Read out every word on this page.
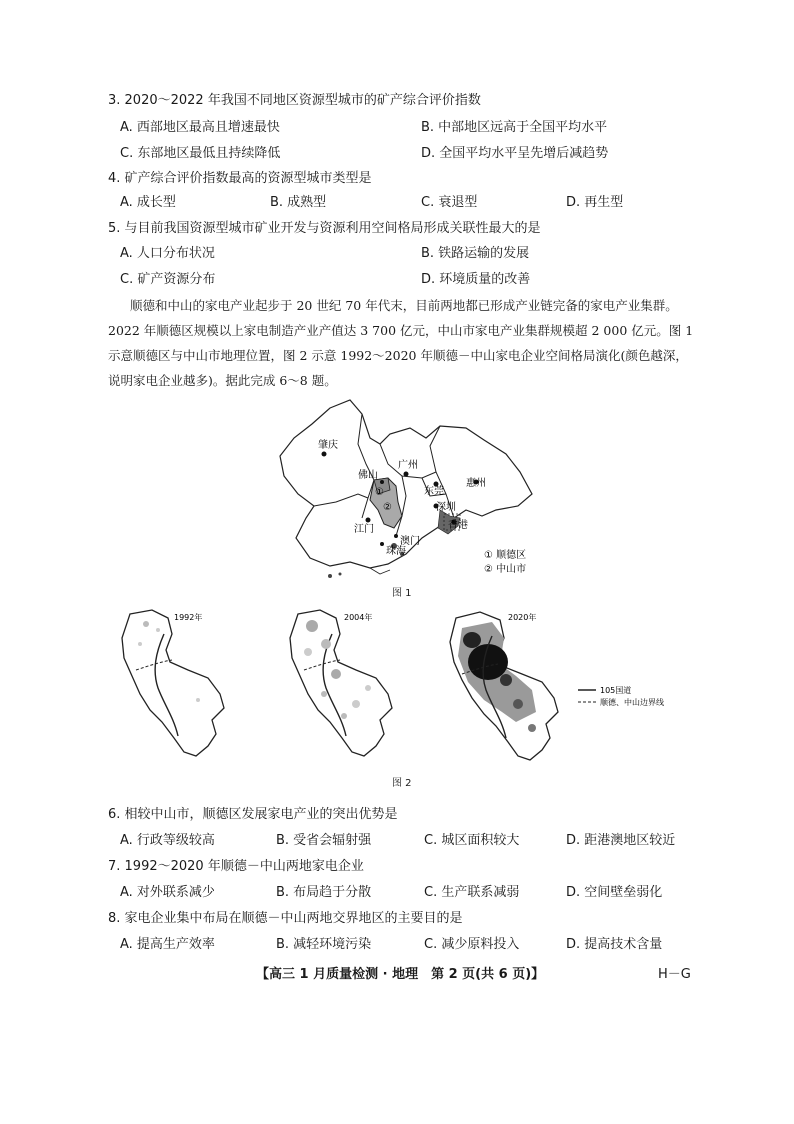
3. 2020～2022 年我国不同地区资源型城市的矿产综合评价指数
A. 西部地区最高且增速最快	B. 中部地区远高于全国平均水平
C. 东部地区最低且持续降低	D. 全国平均水平呈先增后减趋势
4. 矿产综合评价指数最高的资源型城市类型是
A. 成长型	B. 成熟型	C. 衰退型	D. 再生型
5. 与目前我国资源型城市矿业开发与资源利用空间格局形成关联性最大的是
A. 人口分布状况	B. 铁路运输的发展
C. 矿产资源分布	D. 环境质量的改善
顺德和中山的家电产业起步于 20 世纪 70 年代末，目前两地都已形成产业链完备的家电产业集群。
2022 年顺德区规模以上家电制造产业产值达 3 700 亿元，中山市家电产业集群规模超 2 000 亿元。图 1
示意顺德区与中山市地理位置，图 2 示意 1992～2020 年顺德－中山家电企业空间格局演化(颜色越深，
说明家电企业越多)。据此完成 6～8 题。
肇庆
佛山
广州
东莞
惠州
江门
深圳
香港
珠海
澳门
①
②
① 顺德区
② 中山市
图 1
1992年	2004年	2020年
105国道
顺德、中山边界线
图 2
6. 相较中山市，顺德区发展家电产业的突出优势是
A. 行政等级较高	B. 受省会辐射强	C. 城区面积较大	D. 距港澳地区较近
7. 1992～2020 年顺德－中山两地家电企业
A. 对外联系减少	B. 布局趋于分散	C. 生产联系减弱	D. 空间壁垒弱化
8. 家电企业集中布局在顺德－中山两地交界地区的主要目的是
A. 提高生产效率	B. 减轻环境污染	C. 减少原料投入	D. 提高技术含量
【高三 1 月质量检测 · 地理　第 2 页(共 6 页)】	H－G
